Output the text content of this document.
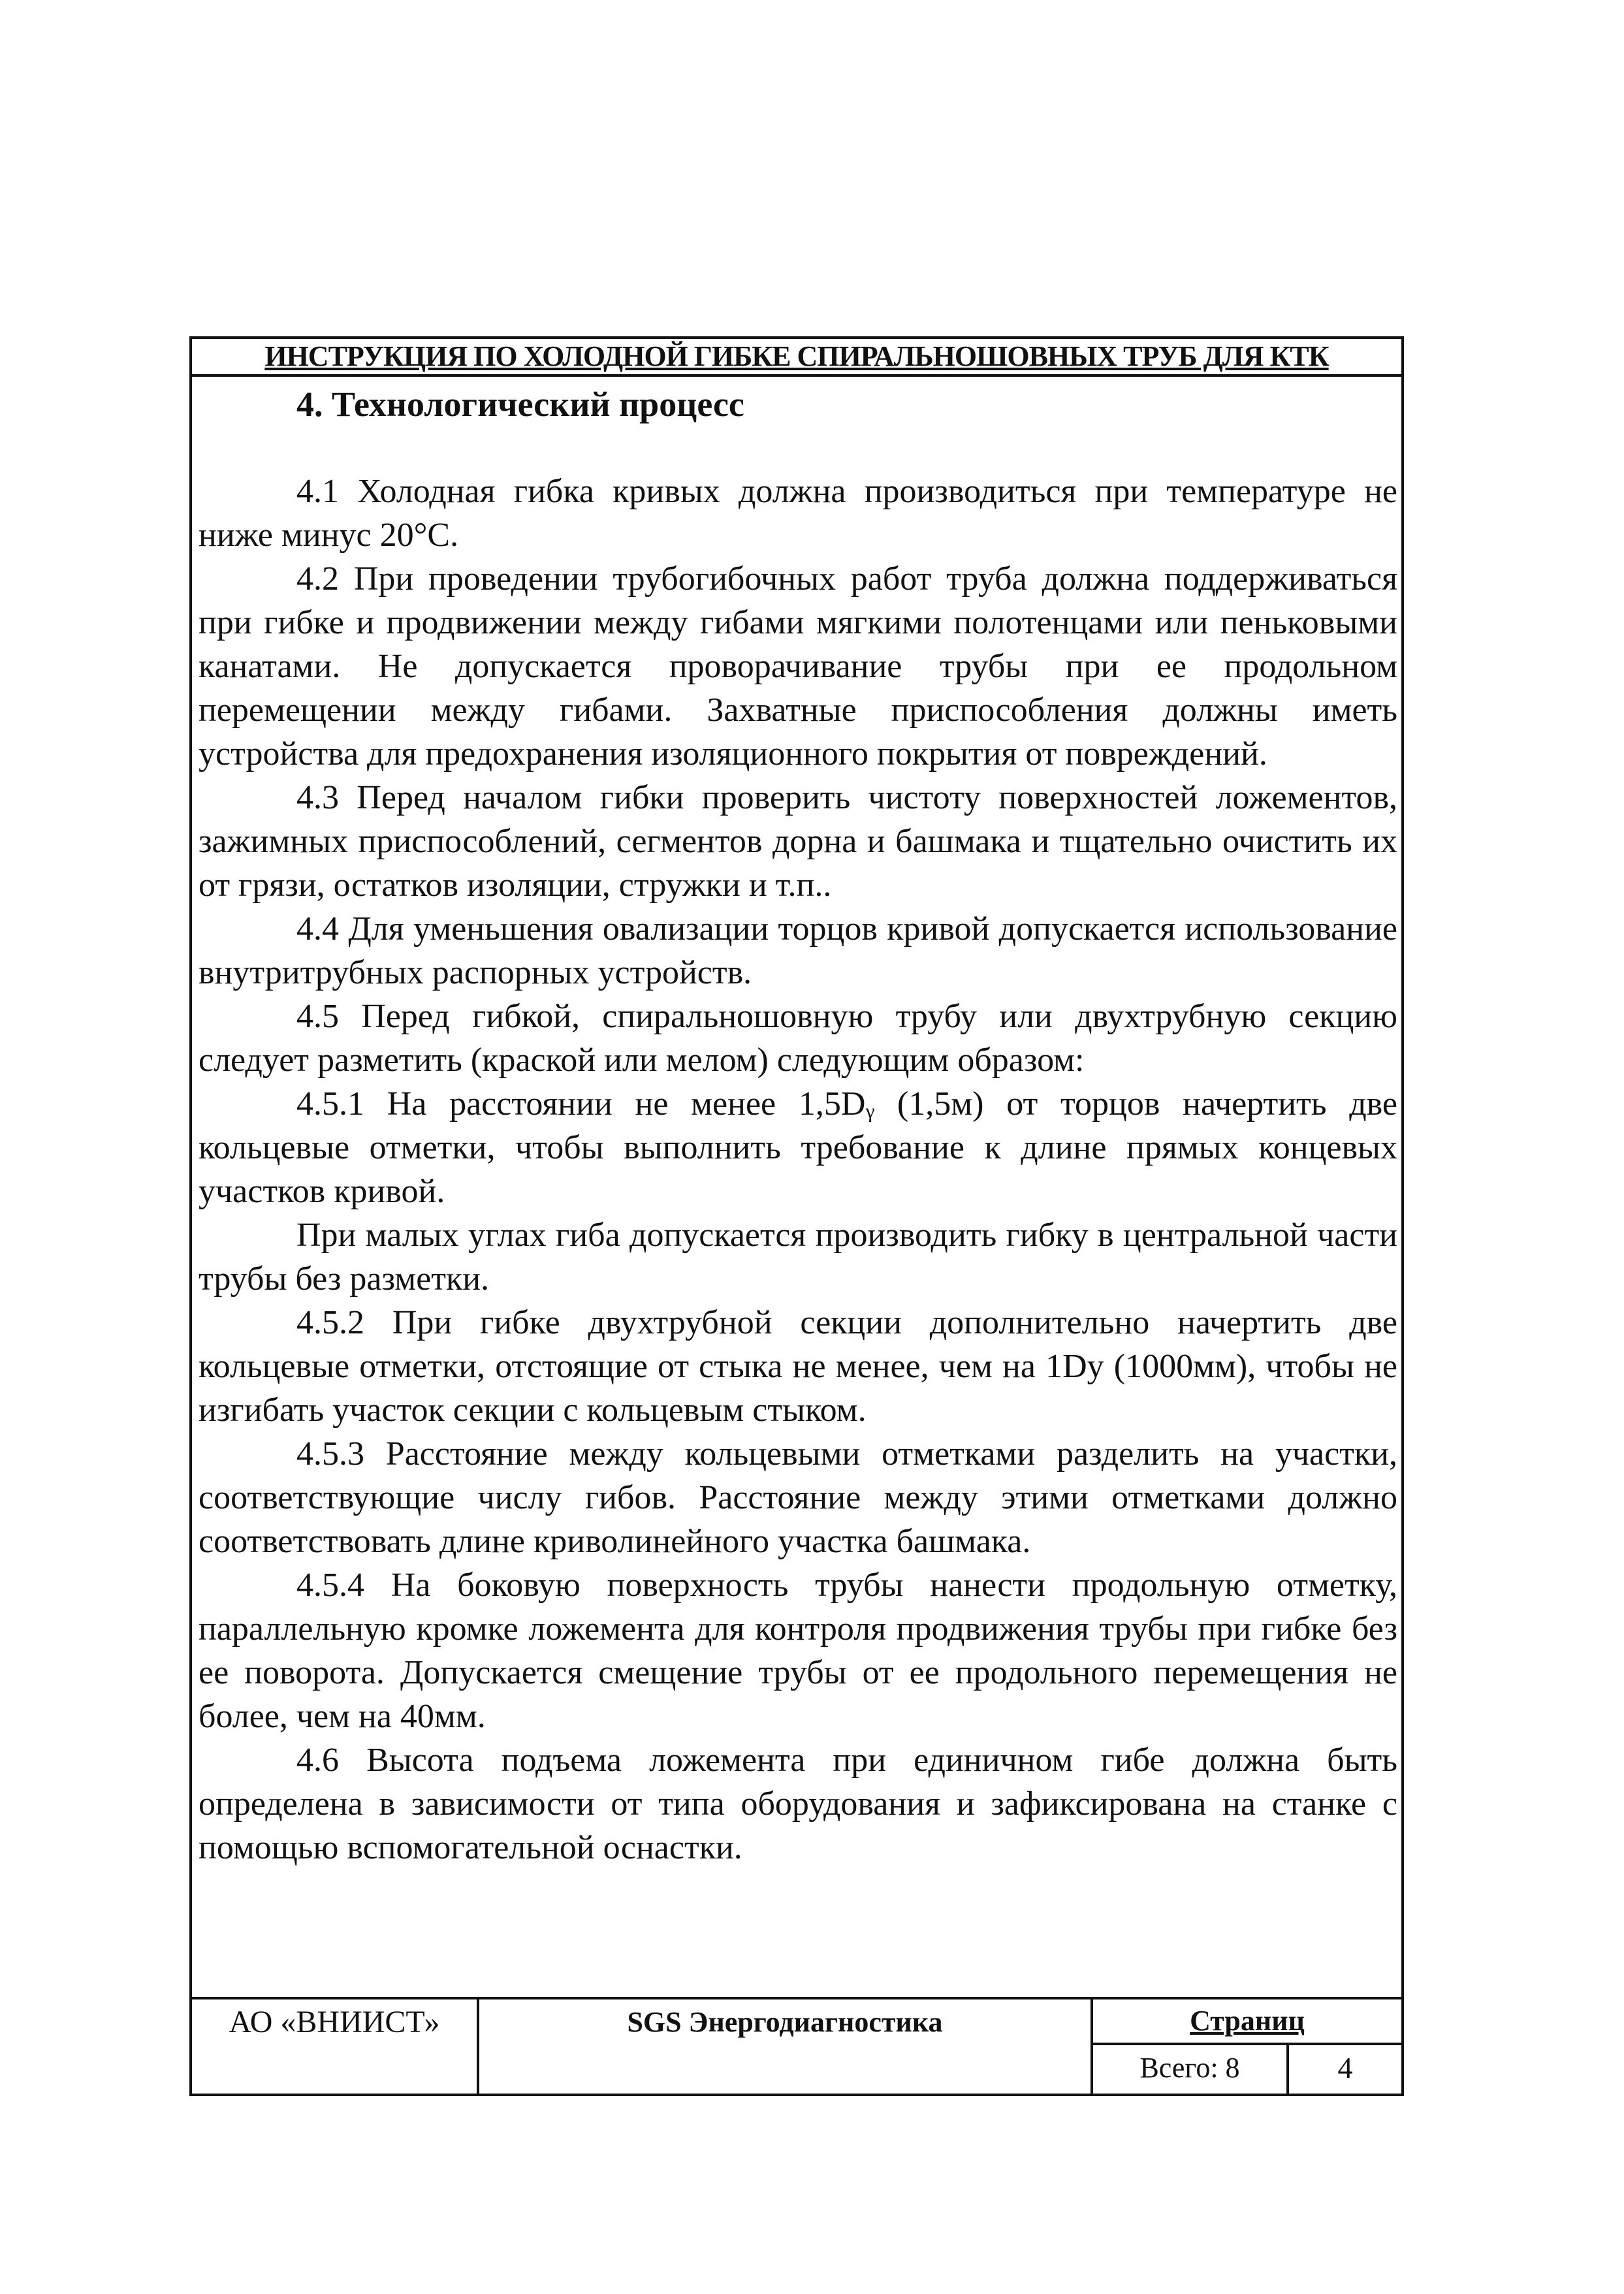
ИНСТРУКЦИЯ ПО ХОЛОДНОЙ ГИБКЕ СПИРАЛЬНОШОВНЫХ ТРУБ ДЛЯ КТК
4. Технологический процесс

4.1 Холодная гибка кривых должна производиться при температуре не ниже минус 20°С.

4.2 При проведении трубогибочных работ труба должна поддерживаться при гибке и продвижении между гибами мягкими полотенцами или пеньковыми канатами. Не допускается проворачивание трубы при ее продольном перемещении между гибами. Захватные приспособления должны иметь устройства для предохранения изоляционного покрытия от повреждений.

4.3 Перед началом гибки проверить чистоту поверхностей ложементов, зажимных приспособлений, сегментов дорна и башмака и тщательно очистить их от грязи, остатков изоляции, стружки и т.п..

4.4 Для уменьшения овализации торцов кривой допускается использование внутритрубных распорных устройств.

4.5 Перед гибкой, спиральношовную трубу или двухтрубную секцию следует разметить (краской или мелом) следующим образом:

4.5.1 На расстоянии не менее 1,5Dᵧ (1,5м) от торцов начертить две кольцевые отметки, чтобы выполнить требование к длине прямых концевых участков кривой.

При малых углах гиба допускается производить гибку в центральной части трубы без разметки.

4.5.2 При гибке двухтрубной секции дополнительно начертить две кольцевые отметки, отстоящие от стыка не менее, чем на 1Dy (1000мм), чтобы не изгибать участок секции с кольцевым стыком.

4.5.3 Расстояние между кольцевыми отметками разделить на участки, соответствующие числу гибов. Расстояние между этими отметками должно соответствовать длине криволинейного участка башмака.

4.5.4 На боковую поверхность трубы нанести продольную отметку, параллельную кромке ложемента для контроля продвижения трубы при гибке без ее поворота. Допускается смещение трубы от ее продольного перемещения не более, чем на 40мм.

4.6 Высота подъема ложемента при единичном гибе должна быть определена в зависимости от типа оборудования и зафиксирована на станке с помощью вспомогательной оснастки.

АО «ВНИИСТ»	SGS Энергодиагностика	Страниц
Всего: 8	4
